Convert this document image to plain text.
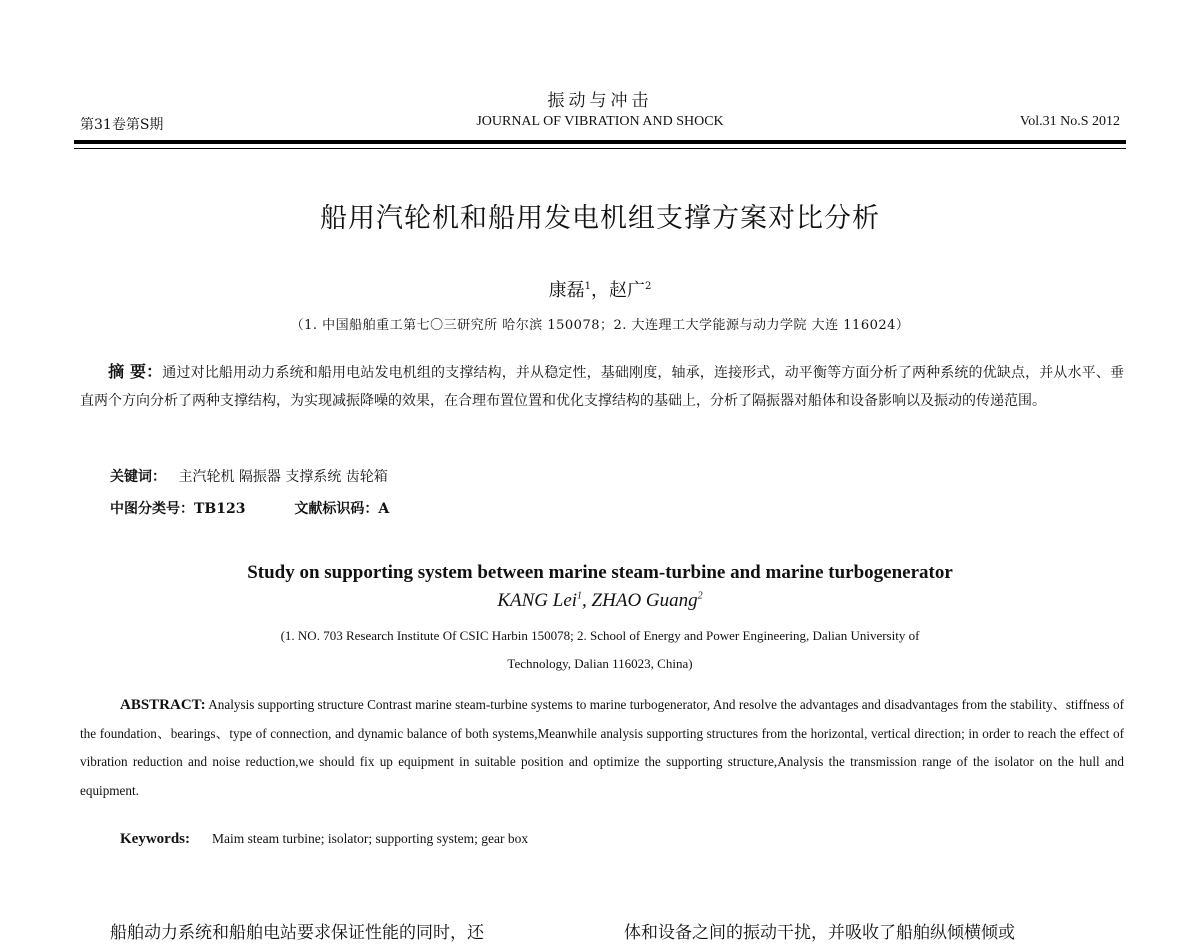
振动与冲击
第31卷第S期	JOURNAL OF VIBRATION AND SHOCK	Vol.31 No.S 2012
船用汽轮机和船用发电机组支撑方案对比分析
康磊$^1$，赵广$^2$
（1. 中国船舶重工第七〇三研究所 哈尔滨 150078；2. 大连理工大学能源与动力学院 大连 116024）
摘 要：通过对比船用动力系统和船用电站发电机组的支撑结构，并从稳定性，基础刚度，轴承，连接形式，动平衡等方面分析了两种系统的优缺点，并从水平、垂直两个方向分析了两种支撑结构，为实现减振降噪的效果，在合理布置位置和优化支撑结构的基础上，分析了隔振器对船体和设备影响以及振动的传递范围。
关键词： 主汽轮机 隔振器 支撑系统 齿轮箱
中图分类号：TB123	文献标识码：A
Study on supporting system between marine steam-turbine and marine turbogenerator
KANG Lei$^1$, ZHAO Guang$^2$
(1. NO. 703 Research Institute Of CSIC Harbin 150078; 2. School of Energy and Power Engineering, Dalian University of
Technology, Dalian 116023, China)
ABSTRACT: Analysis supporting structure Contrast marine steam-turbine systems to marine turbogenerator, And resolve the advantages and disadvantages from the stability、stiffness of the foundation、bearings、type of connection, and dynamic balance of both systems,Meanwhile analysis supporting structures from the horizontal, vertical direction; in order to reach the effect of vibration reduction and noise reduction,we should fix up equipment in suitable position and optimize the supporting structure,Analysis the transmission range of the isolator on the hull and equipment.
Keywords: Maim steam turbine; isolator; supporting system; gear box
船舶动力系统和船舶电站要求保证性能的同时，还	体和设备之间的振动干扰，并吸收了船舶纵倾横倾或
